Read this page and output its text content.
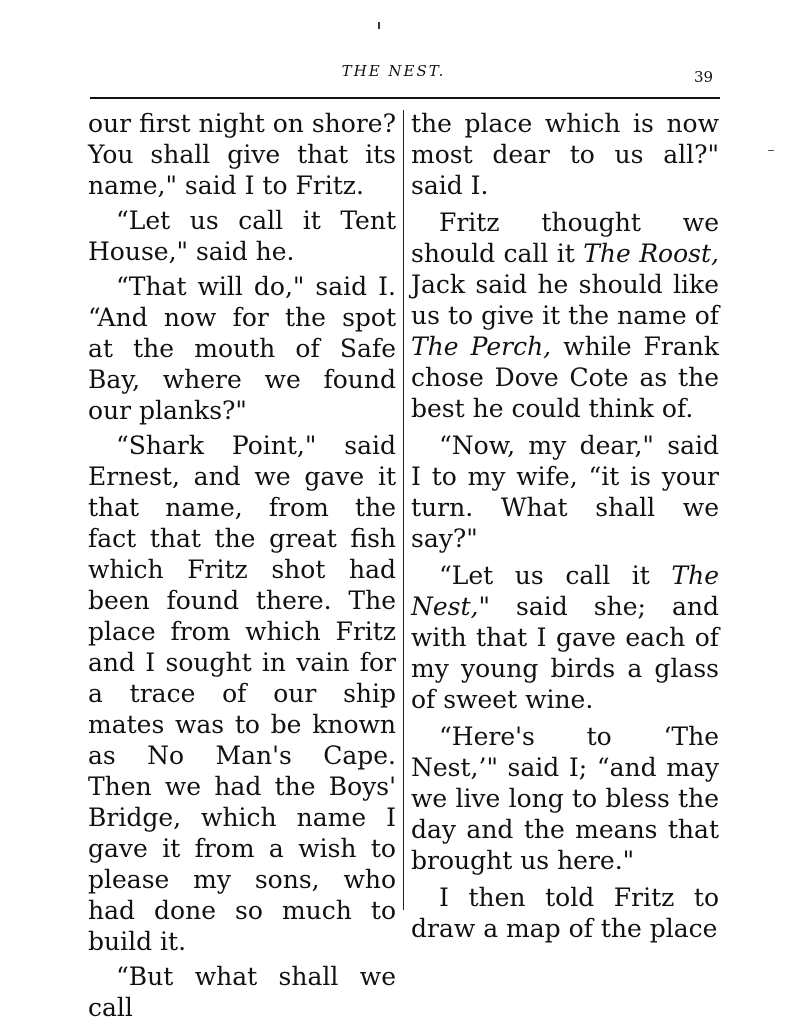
THE NEST.	39

our first night on shore? You shall give that its name," said I to Fritz.

“Let us call it Tent House," said he.

“That will do," said I. “And now for the spot at the mouth of Safe Bay, where we found our planks?"

“Shark Point," said Ernest, and we gave it that name, from the fact that the great fish which Fritz shot had been found there. The place from which Fritz and I sought in vain for a trace of our ship mates was to be known as No Man's Cape. Then we had the Boys' Bridge, which name I gave it from a wish to please my sons, who had done so much to build it.

“But what shall we call

the place which is now most dear to us all?" said I.

Fritz thought we should call it The Roost, Jack said he should like us to give it the name of The Perch, while Frank chose Dove Cote as the best he could think of.

“Now, my dear," said I to my wife, “it is your turn. What shall we say?"

“Let us call it The Nest," said she; and with that I gave each of my young birds a glass of sweet wine.

“Here's to ‘The Nest,’" said I; “and may we live long to bless the day and the means that brought us here."

I then told Fritz to draw a map of the place
